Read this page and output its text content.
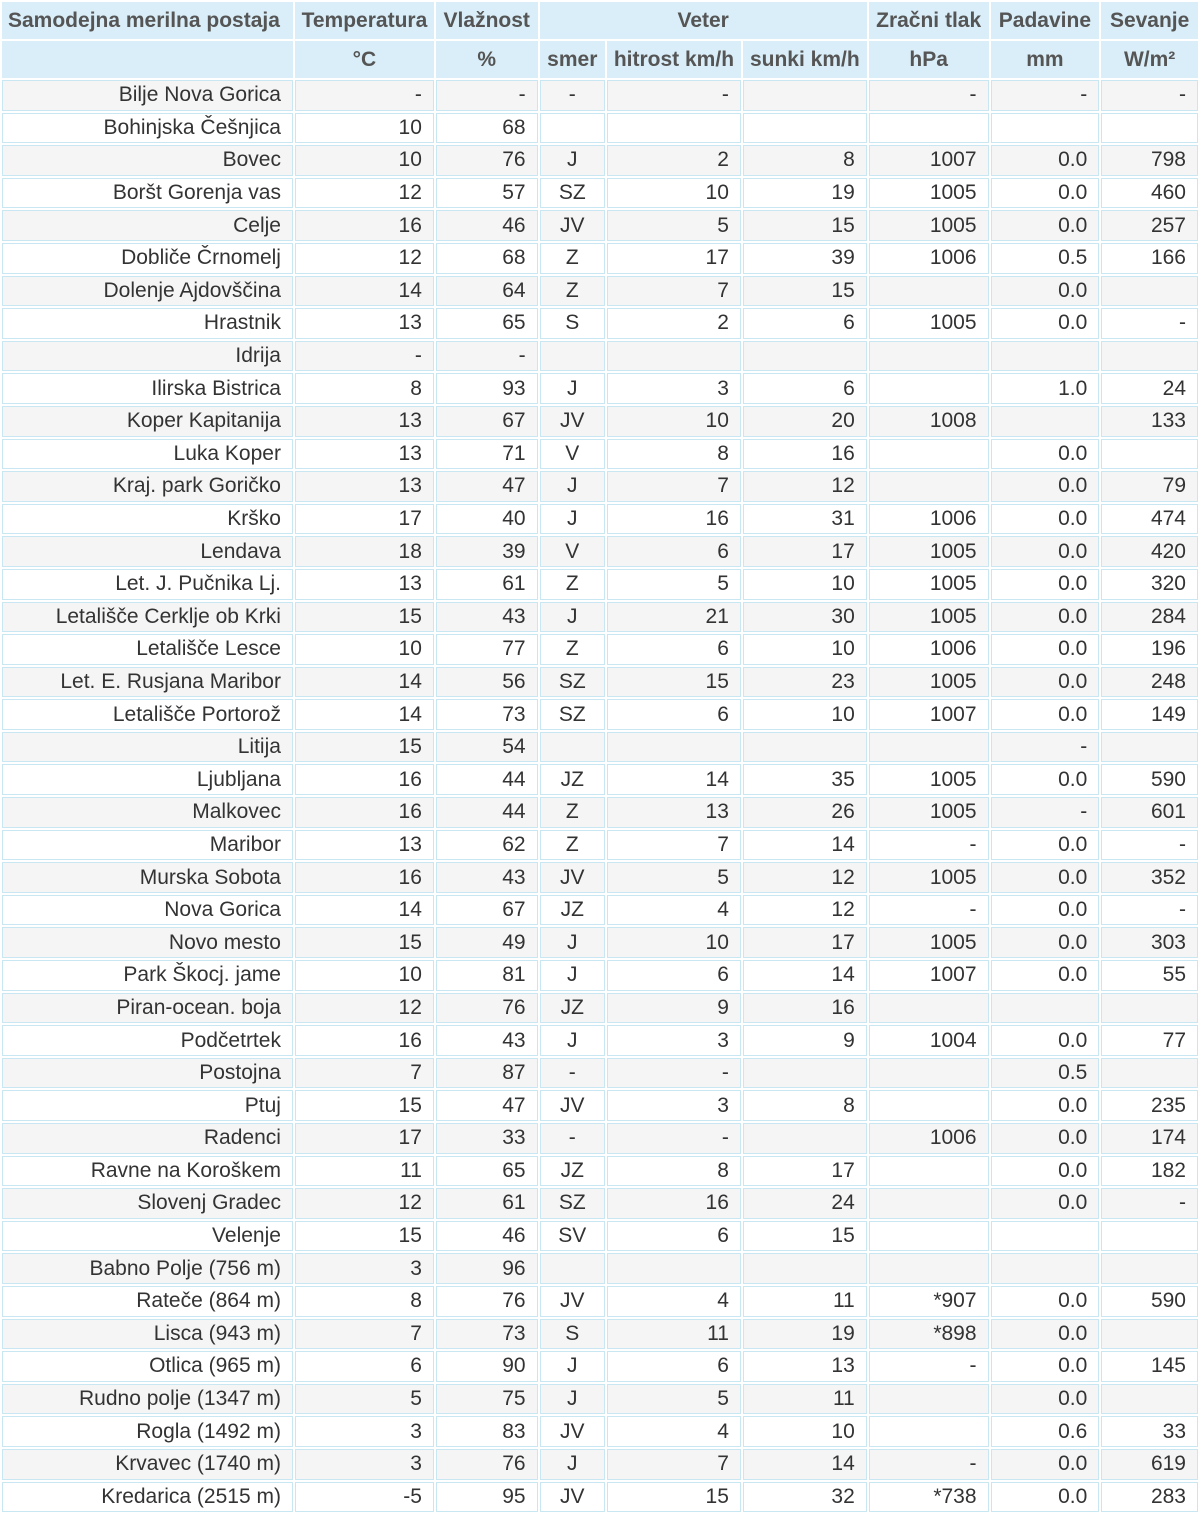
Samodejna merilna postaja	Temperatura	Vlažnost	Veter			Zračni tlak	Padavine	Sevanje
	°C	%	smer	hitrost km/h	sunki km/h	hPa	mm	W/m²
Bilje Nova Gorica	-	-	-	-		-	-	-
Bohinjska Češnjica	10	68						
Bovec	10	76	J	2	8	1007	0.0	798
Boršt Gorenja vas	12	57	SZ	10	19	1005	0.0	460
Celje	16	46	JV	5	15	1005	0.0	257
Dobliče Črnomelj	12	68	Z	17	39	1006	0.5	166
Dolenje Ajdovščina	14	64	Z	7	15		0.0	
Hrastnik	13	65	S	2	6	1005	0.0	-
Idrija	-	-						
Ilirska Bistrica	8	93	J	3	6		1.0	24
Koper Kapitanija	13	67	JV	10	20	1008		133
Luka Koper	13	71	V	8	16		0.0	
Kraj. park Goričko	13	47	J	7	12		0.0	79
Krško	17	40	J	16	31	1006	0.0	474
Lendava	18	39	V	6	17	1005	0.0	420
Let. J. Pučnika Lj.	13	61	Z	5	10	1005	0.0	320
Letališče Cerklje ob Krki	15	43	J	21	30	1005	0.0	284
Letališče Lesce	10	77	Z	6	10	1006	0.0	196
Let. E. Rusjana Maribor	14	56	SZ	15	23	1005	0.0	248
Letališče Portorož	14	73	SZ	6	10	1007	0.0	149
Litija	15	54					-	
Ljubljana	16	44	JZ	14	35	1005	0.0	590
Malkovec	16	44	Z	13	26	1005	-	601
Maribor	13	62	Z	7	14	-	0.0	-
Murska Sobota	16	43	JV	5	12	1005	0.0	352
Nova Gorica	14	67	JZ	4	12	-	0.0	-
Novo mesto	15	49	J	10	17	1005	0.0	303
Park Škocj. jame	10	81	J	6	14	1007	0.0	55
Piran-ocean. boja	12	76	JZ	9	16			
Podčetrtek	16	43	J	3	9	1004	0.0	77
Postojna	7	87	-	-			0.5	
Ptuj	15	47	JV	3	8		0.0	235
Radenci	17	33	-	-		1006	0.0	174
Ravne na Koroškem	11	65	JZ	8	17		0.0	182
Slovenj Gradec	12	61	SZ	16	24		0.0	-
Velenje	15	46	SV	6	15			
Babno Polje (756 m)	3	96						
Rateče (864 m)	8	76	JV	4	11	*907	0.0	590
Lisca (943 m)	7	73	S	11	19	*898	0.0	
Otlica (965 m)	6	90	J	6	13	-	0.0	145
Rudno polje (1347 m)	5	75	J	5	11		0.0	
Rogla (1492 m)	3	83	JV	4	10		0.6	33
Krvavec (1740 m)	3	76	J	7	14	-	0.0	619
Kredarica (2515 m)	-5	95	JV	15	32	*738	0.0	283
